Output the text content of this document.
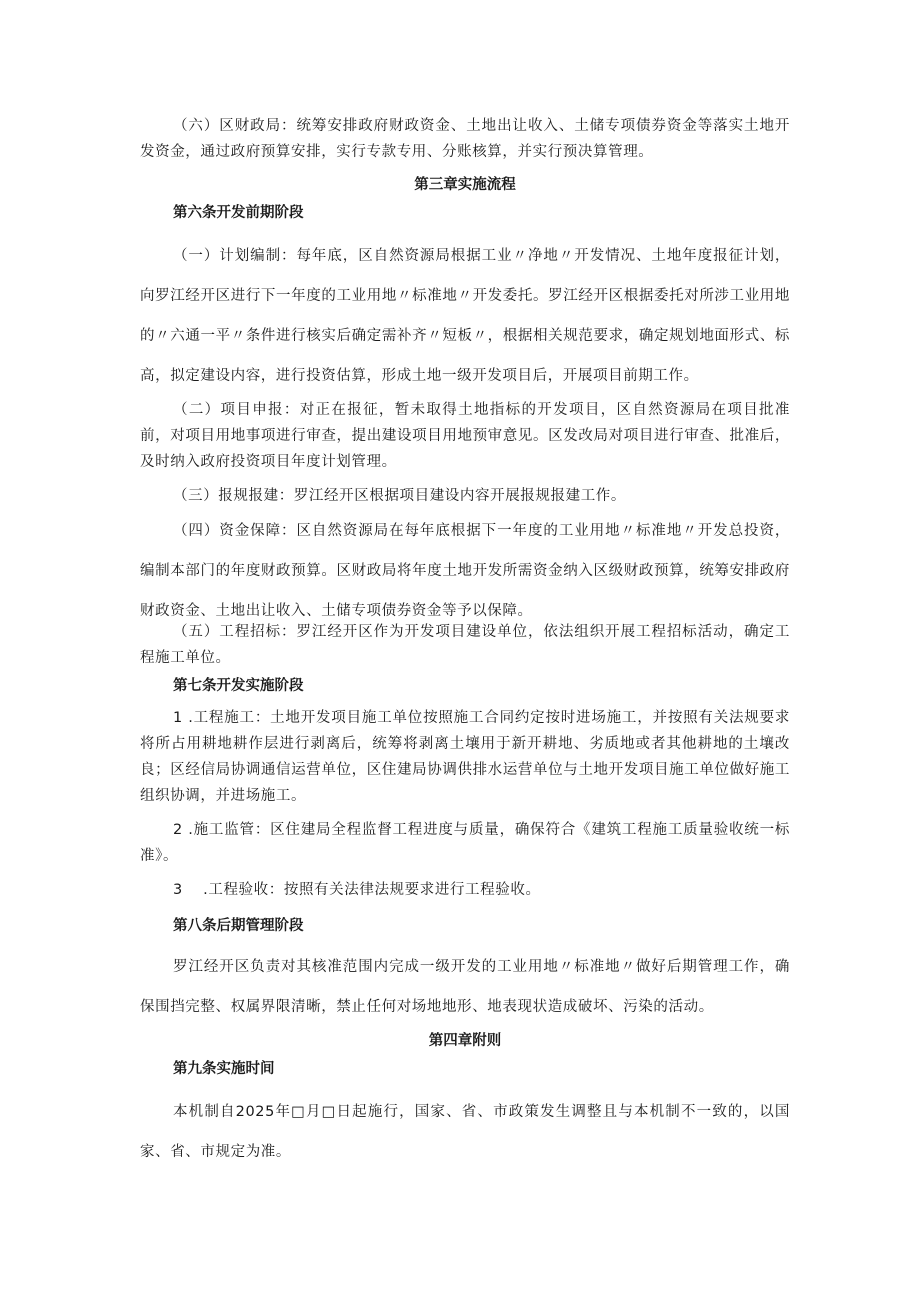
（六）区财政局：统筹安排政府财政资金、土地出让收入、土储专项债券资金等落实土地开发资金，通过政府预算安排，实行专款专用、分账核算，并实行预决算管理。

第三章实施流程
第六条开发前期阶段

（一）计划编制：每年底，区自然资源局根据工业〃净地〃开发情况、土地年度报征计划，向罗江经开区进行下一年度的工业用地〃标准地〃开发委托。罗江经开区根据委托对所涉工业用地的〃六通一平〃条件进行核实后确定需补齐〃短板〃，根据相关规范要求，确定规划地面形式、标高，拟定建设内容，进行投资估算，形成土地一级开发项目后，开展项目前期工作。

（二）项目申报：对正在报征，暂未取得土地指标的开发项目，区自然资源局在项目批准前，对项目用地事项进行审查，提出建设项目用地预审意见。区发改局对项目进行审查、批准后，及时纳入政府投资项目年度计划管理。

（三）报规报建：罗江经开区根据项目建设内容开展报规报建工作。

（四）资金保障：区自然资源局在每年底根据下一年度的工业用地〃标准地〃开发总投资，编制本部门的年度财政预算。区财政局将年度土地开发所需资金纳入区级财政预算，统筹安排政府财政资金、土地出让收入、土储专项债券资金等予以保障。

（五）工程招标：罗江经开区作为开发项目建设单位，依法组织开展工程招标活动，确定工程施工单位。

第七条开发实施阶段

1 .工程施工：土地开发项目施工单位按照施工合同约定按时进场施工，并按照有关法规要求将所占用耕地耕作层进行剥离后，统筹将剥离土壤用于新开耕地、劣质地或者其他耕地的土壤改良；区经信局协调通信运营单位，区住建局协调供排水运营单位与土地开发项目施工单位做好施工组织协调，并进场施工。

2 .施工监管：区住建局全程监督工程进度与质量，确保符合《建筑工程施工质量验收统一标准》。

3　 .工程验收：按照有关法律法规要求进行工程验收。

第八条后期管理阶段

罗江经开区负责对其核准范围内完成一级开发的工业用地〃标准地〃做好后期管理工作，确保围挡完整、权属界限清晰，禁止任何对场地地形、地表现状造成破坏、污染的活动。

第四章附则
第九条实施时间

本机制自2025年□月□日起施行，国家、省、市政策发生调整且与本机制不一致的，以国家、省、市规定为准。
